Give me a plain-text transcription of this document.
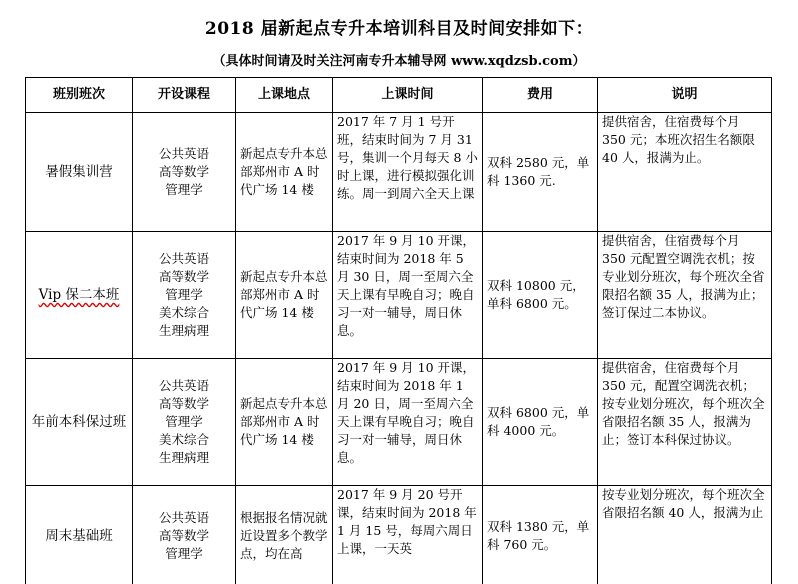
2018 届新起点专升本培训科目及时间安排如下：
（具体时间请及时关注河南专升本辅导网 www.xqdzsb.com）
班别班次	开设课程	上课地点	上课时间	费用	说明
暑假集训营	公共英语
高等数学
管理学	新起点专升本总部郑州市 A 时代广场 14 楼	2017 年 7 月 1 号开班，结束时间为 7 月 31 号，集训一个月每天 8 小时上课，进行模拟强化训练。周一到周六全天上课	双科 2580 元，单科 1360 元.	提供宿舍，住宿费每个月 350 元；本班次招生名额限 40 人，报满为止。
Vip 保二本班	公共英语
高等数学
管理学
美术综合
生理病理	新起点专升本总部郑州市 A 时代广场 14 楼	2017 年 9 月 10 开课，结束时间为 2018 年 5 月 30 日，周一至周六全天上课有早晚自习；晚自习一对一辅导，周日休息。	双科 10800 元，单科 6800 元。	提供宿舍，住宿费每个月 350 元配置空调洗衣机；按专业划分班次，每个班次全省限招名额 35 人，报满为止；签订保过二本协议。
年前本科保过班	公共英语
高等数学
管理学
美术综合
生理病理	新起点专升本总部郑州市 A 时代广场 14 楼	2017 年 9 月 10 开课，结束时间为 2018 年 1 月 20 日，周一至周六全天上课有早晚自习；晚自习一对一辅导，周日休息。	双科 6800 元，单科 4000 元。	提供宿舍，住宿费每个月 350 元，配置空调洗衣机；按专业划分班次，每个班次全省限招名额 35 人，报满为止；签订本科保过协议。
周末基础班	公共英语
高等数学
管理学	根据报名情况就近设置多个教学点，均在高	2017 年 9 月 20 号开课，结束时间为 2018 年 1 月 15 号，每周六周日上课，一天英	双科 1380 元，单科 760 元。	按专业划分班次，每个班次全省限招名额 40 人，报满为止
